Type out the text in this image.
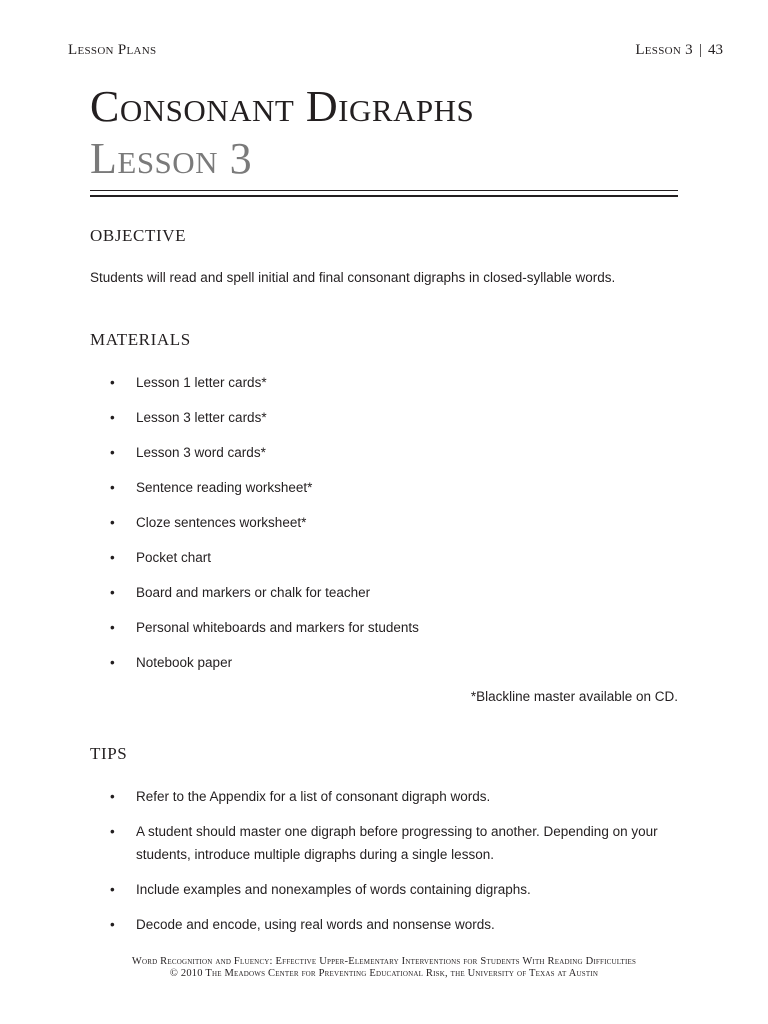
Lesson Plans	Lesson 3 | 43
Consonant Digraphs
Lesson 3
OBJECTIVE
Students will read and spell initial and final consonant digraphs in closed-syllable words.
MATERIALS
• Lesson 1 letter cards*
• Lesson 3 letter cards*
• Lesson 3 word cards*
• Sentence reading worksheet*
• Cloze sentences worksheet*
• Pocket chart
• Board and markers or chalk for teacher
• Personal whiteboards and markers for students
• Notebook paper
*Blackline master available on CD.
TIPS
• Refer to the Appendix for a list of consonant digraph words.
• A student should master one digraph before progressing to another. Depending on your students, introduce multiple digraphs during a single lesson.
• Include examples and nonexamples of words containing digraphs.
• Decode and encode, using real words and nonsense words.
Word Recognition and Fluency: Effective Upper-Elementary Interventions for Students With Reading Difficulties
© 2010 The Meadows Center for Preventing Educational Risk, the University of Texas at Austin
